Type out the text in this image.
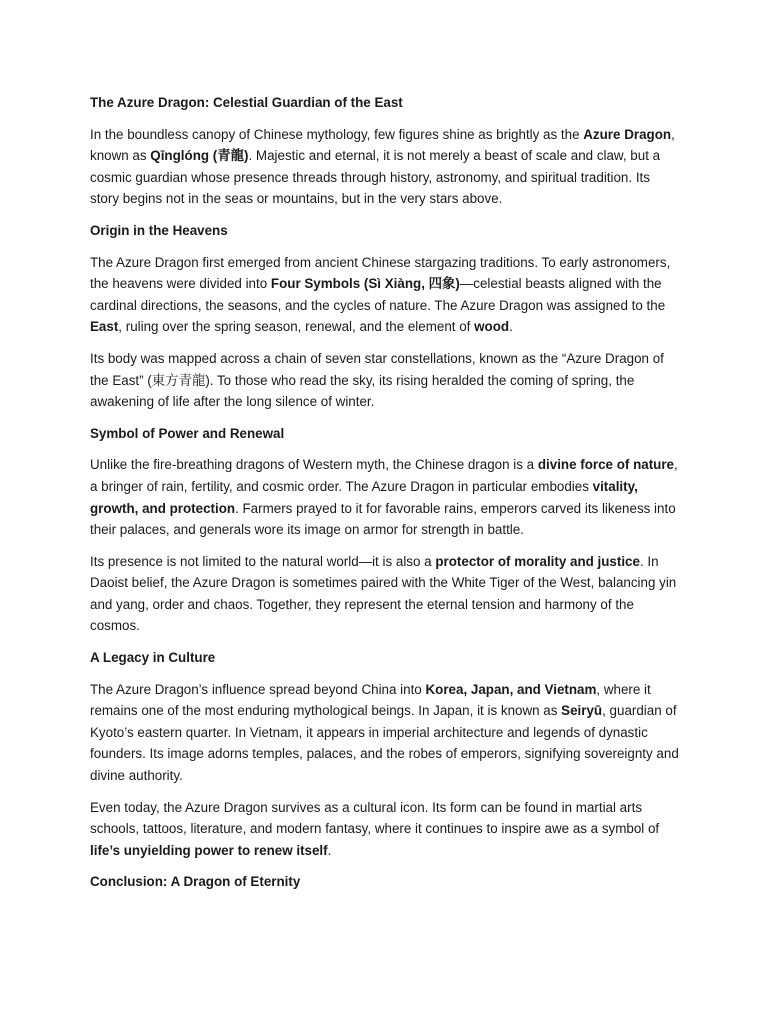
The Azure Dragon: Celestial Guardian of the East

In the boundless canopy of Chinese mythology, few figures shine as brightly as the Azure Dragon, known as Qīnglóng (青龍). Majestic and eternal, it is not merely a beast of scale and claw, but a cosmic guardian whose presence threads through history, astronomy, and spiritual tradition. Its story begins not in the seas or mountains, but in the very stars above.

Origin in the Heavens

The Azure Dragon first emerged from ancient Chinese stargazing traditions. To early astronomers, the heavens were divided into Four Symbols (Sì Xiàng, 四象)—celestial beasts aligned with the cardinal directions, the seasons, and the cycles of nature. The Azure Dragon was assigned to the East, ruling over the spring season, renewal, and the element of wood.

Its body was mapped across a chain of seven star constellations, known as the “Azure Dragon of the East” (東方青龍). To those who read the sky, its rising heralded the coming of spring, the awakening of life after the long silence of winter.

Symbol of Power and Renewal

Unlike the fire-breathing dragons of Western myth, the Chinese dragon is a divine force of nature, a bringer of rain, fertility, and cosmic order. The Azure Dragon in particular embodies vitality, growth, and protection. Farmers prayed to it for favorable rains, emperors carved its likeness into their palaces, and generals wore its image on armor for strength in battle.

Its presence is not limited to the natural world—it is also a protector of morality and justice. In Daoist belief, the Azure Dragon is sometimes paired with the White Tiger of the West, balancing yin and yang, order and chaos. Together, they represent the eternal tension and harmony of the cosmos.

A Legacy in Culture

The Azure Dragon’s influence spread beyond China into Korea, Japan, and Vietnam, where it remains one of the most enduring mythological beings. In Japan, it is known as Seiryū, guardian of Kyoto’s eastern quarter. In Vietnam, it appears in imperial architecture and legends of dynastic founders. Its image adorns temples, palaces, and the robes of emperors, signifying sovereignty and divine authority.

Even today, the Azure Dragon survives as a cultural icon. Its form can be found in martial arts schools, tattoos, literature, and modern fantasy, where it continues to inspire awe as a symbol of life’s unyielding power to renew itself.

Conclusion: A Dragon of Eternity
